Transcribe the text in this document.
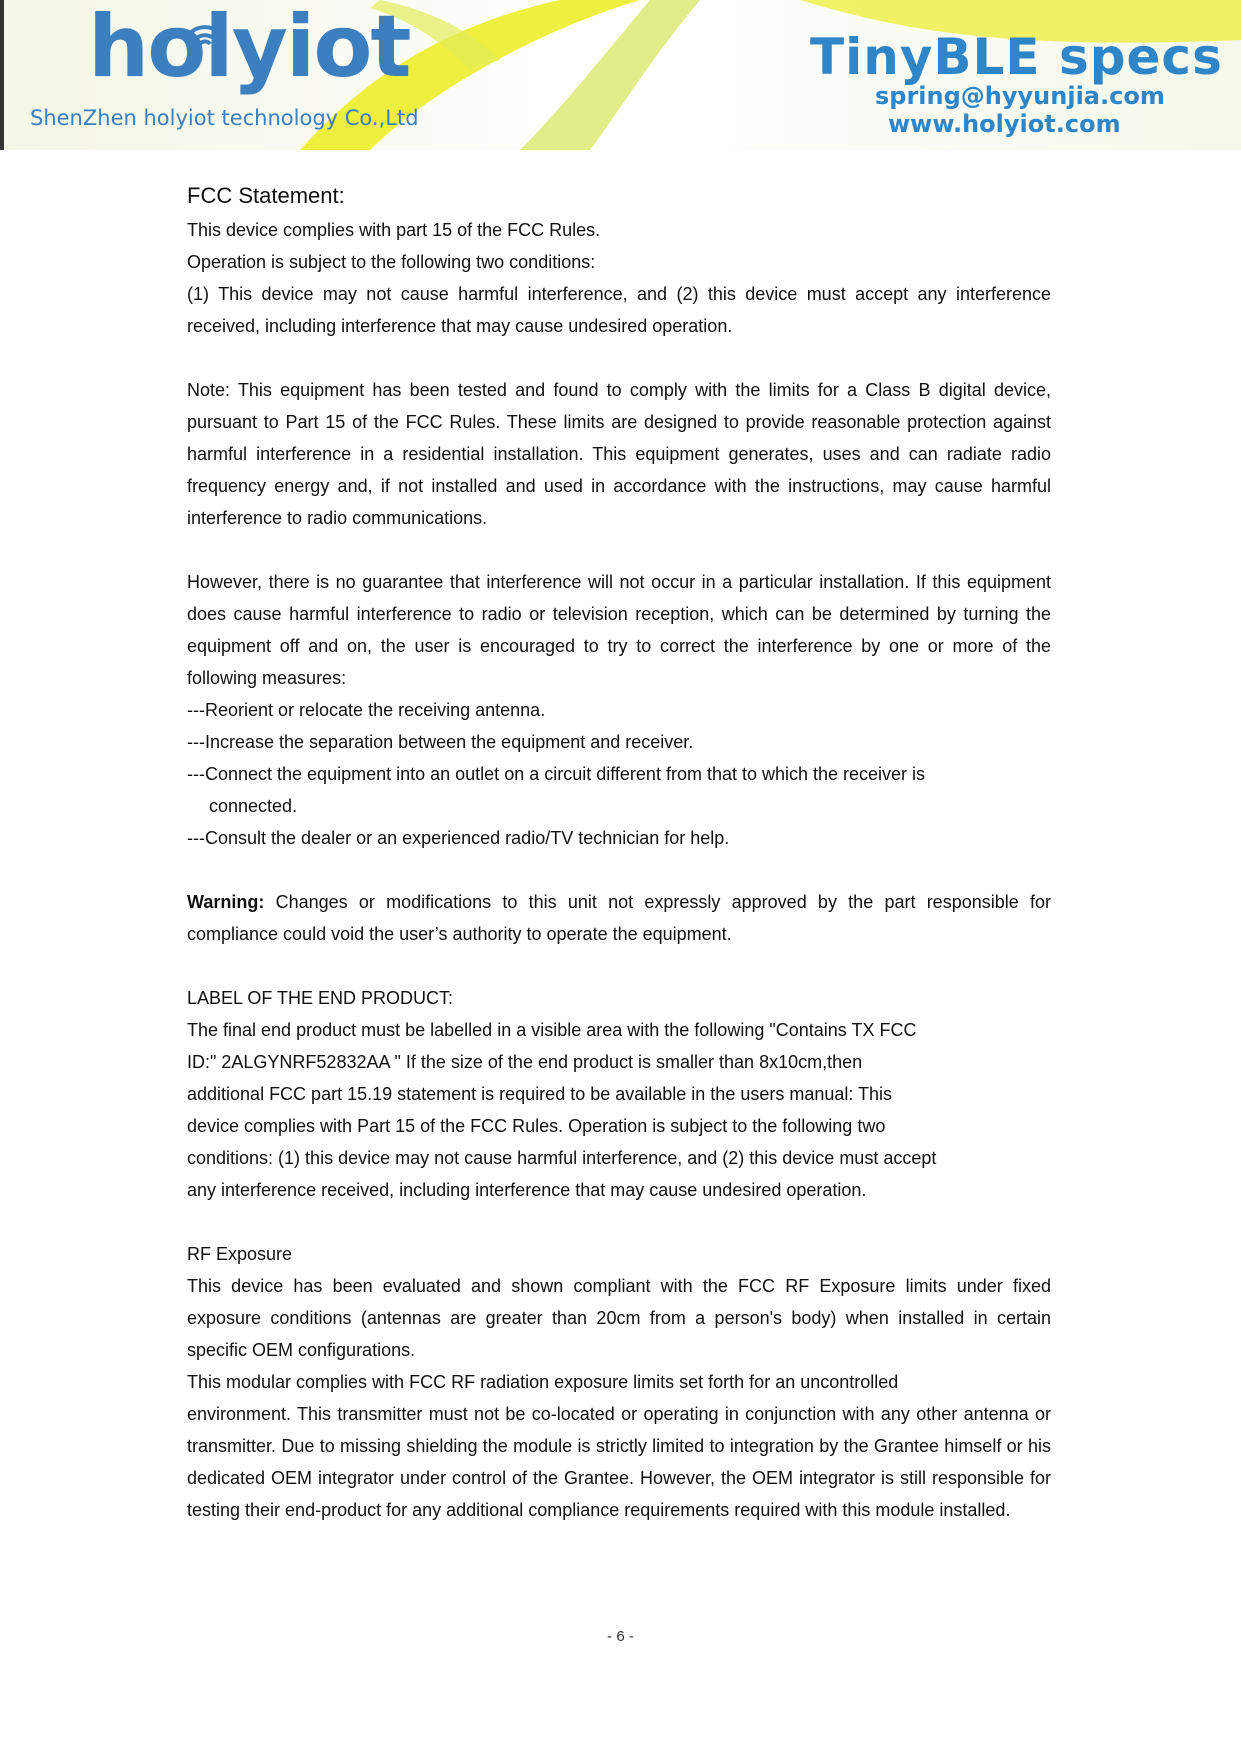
holyiot
ShenZhen holyiot technology Co.,Ltd
TinyBLE specs
spring@hyyunjia.com
www.holyiot.com

FCC Statement:

This device complies with part 15 of the FCC Rules.

Operation is subject to the following two conditions:

(1) This device may not cause harmful interference, and (2) this device must accept any interference received, including interference that may cause undesired operation.

Note: This equipment has been tested and found to comply with the limits for a Class B digital device, pursuant to Part 15 of the FCC Rules. These limits are designed to provide reasonable protection against harmful interference in a residential installation. This equipment generates, uses and can radiate radio frequency energy and, if not installed and used in accordance with the instructions, may cause harmful interference to radio communications.

However, there is no guarantee that interference will not occur in a particular installation. If this equipment does cause harmful interference to radio or television reception, which can be determined by turning the equipment off and on, the user is encouraged to try to correct the interference by one or more of the following measures:

---Reorient or relocate the receiving antenna.

---Increase the separation between the equipment and receiver.

---Connect the equipment into an outlet on a circuit different from that to which the receiver is

connected.

---Consult the dealer or an experienced radio/TV technician for help.

Warning: Changes or modifications to this unit not expressly approved by the part responsible for compliance could void the user’s authority to operate the equipment.

LABEL OF THE END PRODUCT:

The final end product must be labelled in a visible area with the following "Contains TX FCC

ID:" 2ALGYNRF52832AA " If the size of the end product is smaller than 8x10cm,then

additional FCC part 15.19 statement is required to be available in the users manual: This

device complies with Part 15 of the FCC Rules. Operation is subject to the following two

conditions: (1) this device may not cause harmful interference, and (2) this device must accept

any interference received, including interference that may cause undesired operation.

RF Exposure

This device has been evaluated and shown compliant with the FCC RF Exposure limits under fixed exposure conditions (antennas are greater than 20cm from a person's body) when installed in certain specific OEM configurations.

This modular complies with FCC RF radiation exposure limits set forth for an uncontrolled

environment. This transmitter must not be co-located or operating in conjunction with any other antenna or transmitter. Due to missing shielding the module is strictly limited to integration by the Grantee himself or his dedicated OEM integrator under control of the Grantee. However, the OEM integrator is still responsible for testing their end-product for any additional compliance requirements required with this module installed.

- 6 -
